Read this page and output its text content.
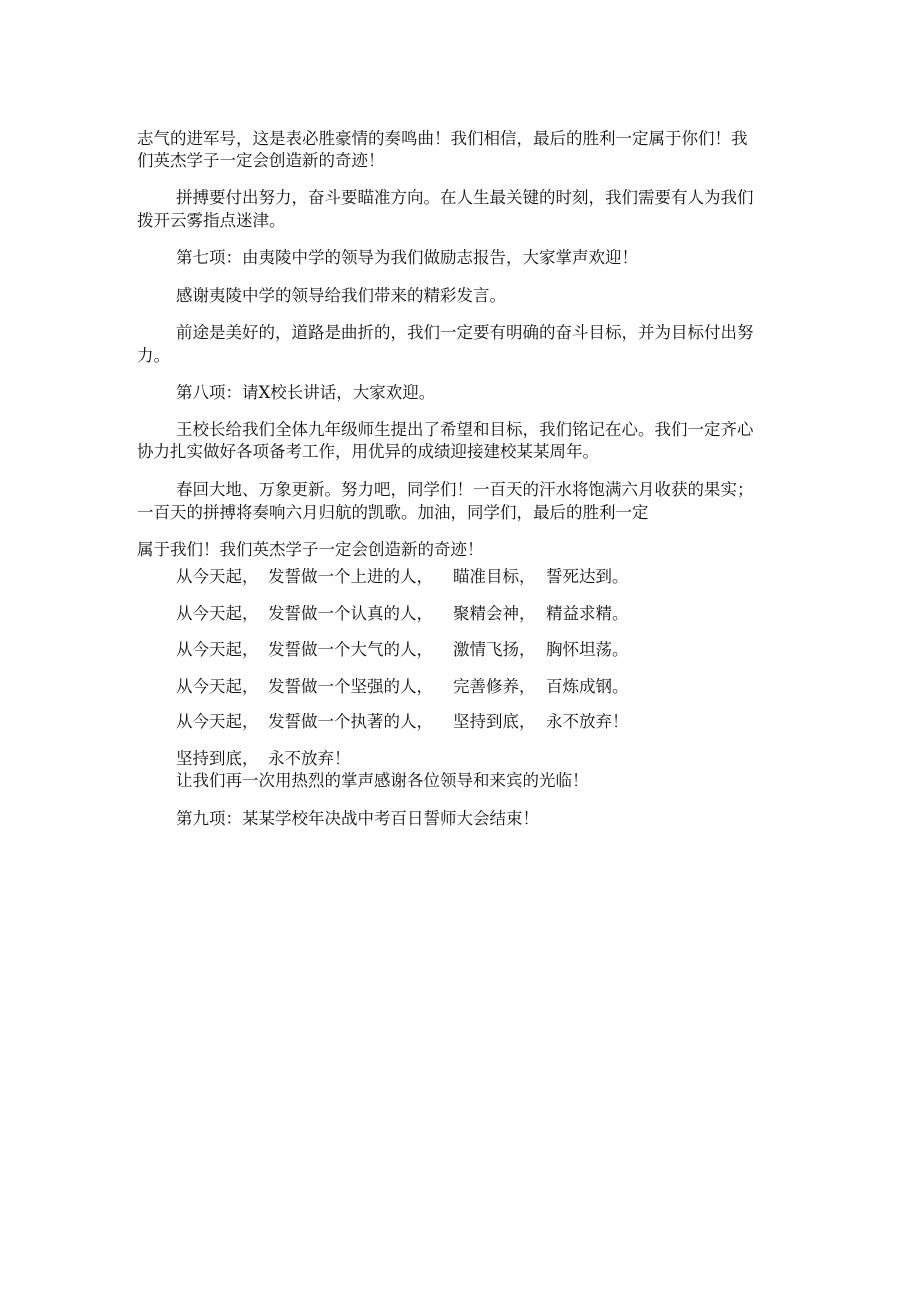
志气的进军号，这是表必胜豪情的奏鸣曲！我们相信，最后的胜利一定属于你们！我
们英杰学子一定会创造新的奇迹！
拼搏要付出努力，奋斗要瞄准方向。在人生最关键的时刻，我们需要有人为我们
拨开云雾指点迷津。
第七项：由夷陵中学的领导为我们做励志报告，大家掌声欢迎！
感谢夷陵中学的领导给我们带来的精彩发言。
前途是美好的，道路是曲折的，我们一定要有明确的奋斗目标，并为目标付出努
力。
第八项：请X校长讲话，大家欢迎。
王校长给我们全体九年级师生提出了希望和目标，我们铭记在心。我们一定齐心
协力扎实做好各项备考工作，用优异的成绩迎接建校某某周年。
春回大地、万象更新。努力吧，同学们！一百天的汗水将饱满六月收获的果实；
一百天的拼搏将奏响六月归航的凯歌。加油，同学们，最后的胜利一定
属于我们！我们英杰学子一定会创造新的奇迹！
从今天起， 发誓做一个上进的人， 瞄准目标， 誓死达到。
从今天起， 发誓做一个认真的人， 聚精会神， 精益求精。
从今天起， 发誓做一个大气的人， 激情飞扬， 胸怀坦荡。
从今天起， 发誓做一个坚强的人， 完善修养， 百炼成钢。
从今天起， 发誓做一个执著的人， 坚持到底， 永不放弃！
坚持到底， 永不放弃！
让我们再一次用热烈的掌声感谢各位领导和来宾的光临！
第九项：某某学校年决战中考百日誓师大会结束！
